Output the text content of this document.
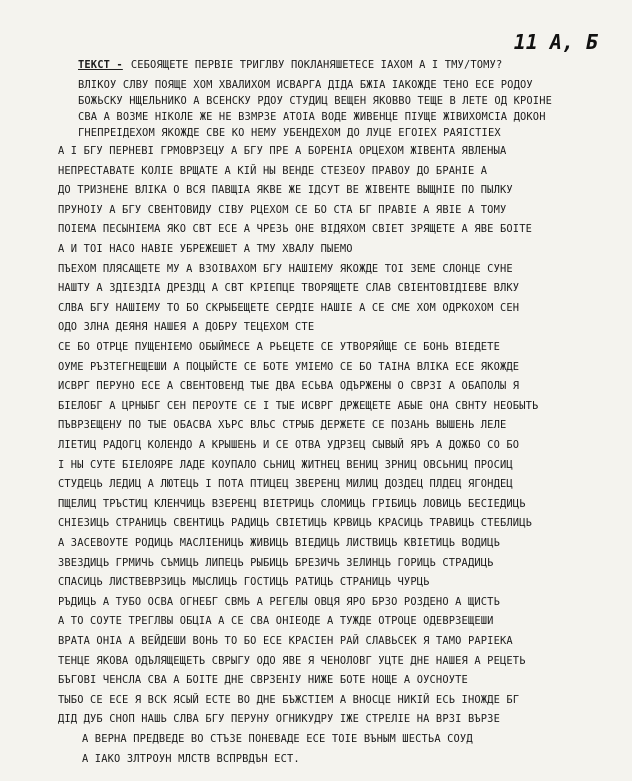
11 А, Б
ТЕКСТ - СЕБОЯЩЕТЕ ПЕРВІЕ ТРИГЛВУ ПОКЛАНЯШЕТЕСЕ ІАХОМ А І ТМУ/ТОМУ?
ВЛІКОУ СЛВУ ПОЯЩЕ ХОМ ХВАЛИХОМ ИСВАРГА ДІДА БЖІА ІАКОЖДЕ ТЕНО ЕСЕ РОДОУ
БОЖЬСКУ НЩЕЛЬНИКО А ВСЕНСКУ РДОУ СТУДИЦ ВЕЩЕН ЯКОВВО ТЕЩЕ В ЛЕТЕ ОД КРОІНЕ
СВА А ВОЗМЕ НІКОЛЕ ЖЕ НЕ ВЗМРЗЕ АТОІА ВОДЕ ЖИВЕНЦЕ ПІУЩЕ ЖІВИХОМСІА ДОКОН
ГНЕПРЕІДЕХОМ ЯКОЖДЕ СВЕ КО НЕМУ УБЕНДЕХОМ ДО ЛУЦЕ ЕГОІЕХ РАЯІСТІЕХ
А І БГУ ПЕРНЕВІ ГРМОВРЗЕЦУ А БГУ ПРЕ А БОРЕНІА ОРЦЕХОМ ЖІВЕНТА ЯВЛЕНЫА
НЕПРЕСТАВАТЕ КОЛІЕ ВРЩАТЕ А КІЙ НЫ ВЕНДЕ СТЕЗЕОУ ПРАВОУ ДО БРАНІЕ А
ДО ТРИЗНЕНЕ ВЛІКА О ВСЯ ПАВЩІА ЯКВЕ ЖЕ ІДСУТ ВЕ ЖІВЕНТЕ ВЫЩНІЕ ПО ПЫЛКУ
ПРУНОІУ А БГУ СВЕНТОВИДУ СІВУ РЦЕХОМ СЕ БО СТА БГ ПРАВІЕ А ЯВІЕ А ТОМУ
ПОІЕМА ПЕСЫНІЕМА ЯКО СВТ ЕСЕ А ЧРЕЗЬ ОНЕ ВІДЯХОМ СВІЕТ ЗРЯЩЕТЕ А ЯВЕ БОІТЕ
А И ТОІ НАСО НАВІЕ УБРЕЖЕШЕТ А ТМУ ХВАЛУ ПЫЕМО
ПЪЕХОМ ПЛЯСАЩЕТЕ МУ А ВЗОІВАХОМ БГУ НАШІЕМУ ЯКОЖДЕ ТОІ ЗЕМЕ СЛОНЦЕ СУНЕ
НАШТУ А ЗДІЕЗДІА ДРЕЗДЦ А СВТ КРІЕПЦЕ ТВОРЯЩЕТЕ СЛАВ СВІЕНТОВІДІЕВЕ ВЛКУ
СЛВА БГУ НАШІЕМУ ТО БО СКРЫБЕЩЕТЕ СЕРДІЕ НАШІЕ А СЕ СМЕ ХОМ ОДРКОХОМ СЕН
ОДО ЗЛНА ДЕЯНЯ НАШЕЯ А ДОБРУ ТЕЦЕХОМ СТЕ
СЕ БО ОТРЦЕ ПУЩЕНІЕМО ОБЫЙМЕСЕ А РЬЕЦЕТЕ СЕ УТВОРЯЙЩЕ СЕ БОНЬ ВІЕДЕТЕ
ОУМЕ РЪЗТЕГНЕЩЕШИ А ПОЦЫЙСТЕ СЕ БОТЕ УМІЕМО СЕ БО ТАІНА ВЛІКА ЕСЕ ЯКОЖДЕ
ИСВРГ ПЕРУНО ЕСЕ А СВЕНТОВЕНД ТЫЕ ДВА ЕСЬВА ОДЪРЖЕНЫ О СВРЗІ А ОБАПОЛЫ Я
БІЕЛОБГ А ЦРНЫБГ СЕН ПЕРОУТЕ СЕ І ТЫЕ ИСВРГ ДРЖЕЩЕТЕ АБЫЕ ОНА СВНТУ НЕОБЫТЬ
ПЪВРЗЕЩЕНУ ПО ТЫЕ ОБАСВА ХЪРС ВЛЬС СТРЫБ ДЕРЖЕТЕ СЕ ПОЗАНЬ ВЫШЕНЬ ЛЕЛЕ
ЛІЕТИЦ РАДОГЦ КОЛЕНДО А КРЫШЕНЬ И СЕ ОТВА УДРЗЕЦ СЫВЫЙ ЯРЪ А ДОЖБО СО БО
І НЫ СУТЕ БІЕЛОЯРЕ ЛАДЕ КОУПАЛО СЬНИЦ ЖИТНЕЦ ВЕНИЦ ЗРНИЦ ОВСЬНИЦ ПРОСИЦ
СТУДЕЦЬ ЛЕДИЦ А ЛЮТЕЦЬ І ПОТА ПТИЦЕЦ ЗВЕРЕНЦ МИЛИЦ ДОЗДЕЦ ПЛДЕЦ ЯГОНДЕЦ
ПЩЕЛИЦ ТРЪСТИЦ КЛЕНЧИЦЬ ВЗЕРЕНЦ ВІЕТРИЦЬ СЛОМИЦЬ ГРІБИЦЬ ЛОВИЦЬ БЕСІЕДИЦЬ
СНІЕЗИЦЬ СТРАНИЦЬ СВЕНТИЦЬ РАДИЦЬ СВІЕТИЦЬ КРВИЦЬ КРАСИЦЬ ТРАВИЦЬ СТЕБЛИЦЬ
А ЗАСЕВОУТЕ РОДИЦЬ МАСЛІЕНИЦЬ ЖИВИЦЬ ВІЕДИЦЬ ЛИСТВИЦЬ КВІЕТИЦЬ ВОДИЦЬ
ЗВЕЗДИЦЬ ГРМИЧЬ СЪМИЦЬ ЛИПЕЦЬ РЫБИЦЬ БРЕЗИЧЬ ЗЕЛИНЦЬ ГОРИЦЬ СТРАДИЦЬ
СПАСИЦЬ ЛИСТВЕВРЗИЦЬ МЫСЛИЦЬ ГОСТИЦЬ РАТИЦЬ СТРАНИЦЬ ЧУРЦЬ
РЪДИЦЬ А ТУБО ОСВА ОГНЕБГ СВМЬ А РЕГЕЛЫ ОВЦЯ ЯРО БРЗО РОЗДЕНО А ЩИСТЬ
А ТО СОУТЕ ТРЕГЛВЫ ОБЦІА А СЕ СВА ОНІЕОДЕ А ТУЖДЕ ОТРОЦЕ ОДЕВРЗЕЩЕШИ
ВРАТА ОНІА А ВЕЙДЕШИ ВОНЬ ТО БО ЕСЕ КРАСІЕН РАЙ СЛАВЬСЕК Я ТАМО РАРІЕКА
ТЕНЦЕ ЯКОВА ОДЪЛЯЩЕЩЕТЬ СВРЫГУ ОДО ЯВЕ Я ЧЕНОЛОВГ УЦТЕ ДНЕ НАШЕЯ А РЕЦЕТЬ
БЪГОВІ ЧЕНСЛА СВА А БОІТЕ ДНЕ СВРЗЕНІУ НИЖЕ БОТЕ НОЩЕ А ОУСНОУТЕ
ТЫБО СЕ ЕСЕ Я ВСК ЯСЫЙ ЕСТЕ ВО ДНЕ БЪЖСТІЕМ А ВНОСЦЕ НИКІЙ ЕСЬ ІНОЖДЕ БГ
ДІД ДУБ СНОП НАШЬ СЛВА БГУ ПЕРУНУ ОГНИКУДРУ ІЖЕ СТРЕЛІЕ НА ВРЗІ ВЪРЗЕ
А ВЕРНА ПРЕДВЕДЕ ВО СТЪЗЕ ПОНЕВАДЕ ЕСЕ ТОІЕ ВЪНЫМ ШЕСТЬА СОУД
А ІАКО ЗЛТРОУН МЛСТВ ВСПРВДЪН ЕСТ.
